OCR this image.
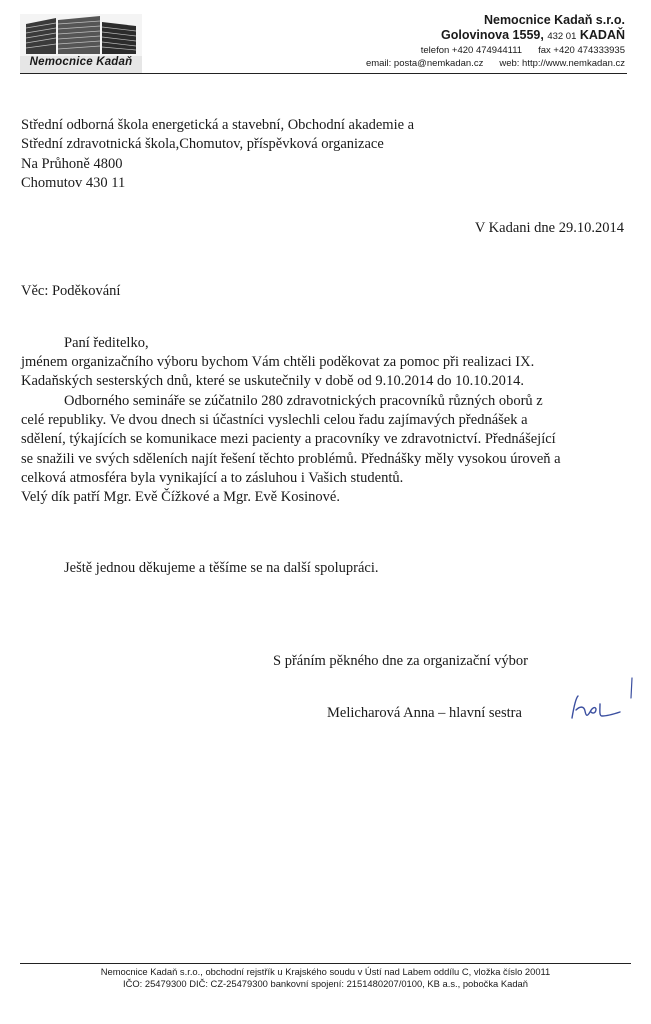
Nemocnice Kadaň
Nemocnice Kadaň s.r.o.
Golovinova 1559, 432 01 KADAŇ
telefon +420 474944111 fax +420 474333935
email: posta@nemkadan.cz web: http://www.nemkadan.cz
Střední odborná škola energetická a stavební, Obchodní akademie a
Střední zdravotnická škola,Chomutov, příspěvková organizace
Na Průhoně 4800
Chomutov 430 11
V Kadani dne 29.10.2014
Věc: Poděkování
Paní ředitelko,
jménem organizačního výboru bychom Vám chtěli poděkovat za pomoc při realizaci IX.
Kadaňských sesterských dnů, které se uskutečnily v době od 9.10.2014 do 10.10.2014.
Odborného semináře se zúčatnilo 280 zdravotnických pracovníků různých oborů z
celé republiky. Ve dvou dnech si účastníci vyslechli celou řadu zajímavých přednášek a
sdělení, týkajících se komunikace mezi pacienty a pracovníky ve zdravotnictví. Přednášející
se snažili ve svých sděleních najít řešení těchto problémů. Přednášky měly vysokou úroveň a
celková atmosféra byla vynikající a to zásluhou i Vašich studentů.
Velý dík patří Mgr. Evě Čížkové a Mgr. Evě Kosinové.
Ještě jednou děkujeme a těšíme se na další spolupráci.
S přáním pěkného dne za organizační výbor
Melicharová Anna – hlavní sestra
Nemocnice Kadaň s.r.o., obchodní rejstřík u Krajského soudu v Ústí nad Labem oddílu C, vložka číslo 20011
IČO: 25479300 DIČ: CZ-25479300 bankovní spojení: 2151480207/0100, KB a.s., pobočka Kadaň
